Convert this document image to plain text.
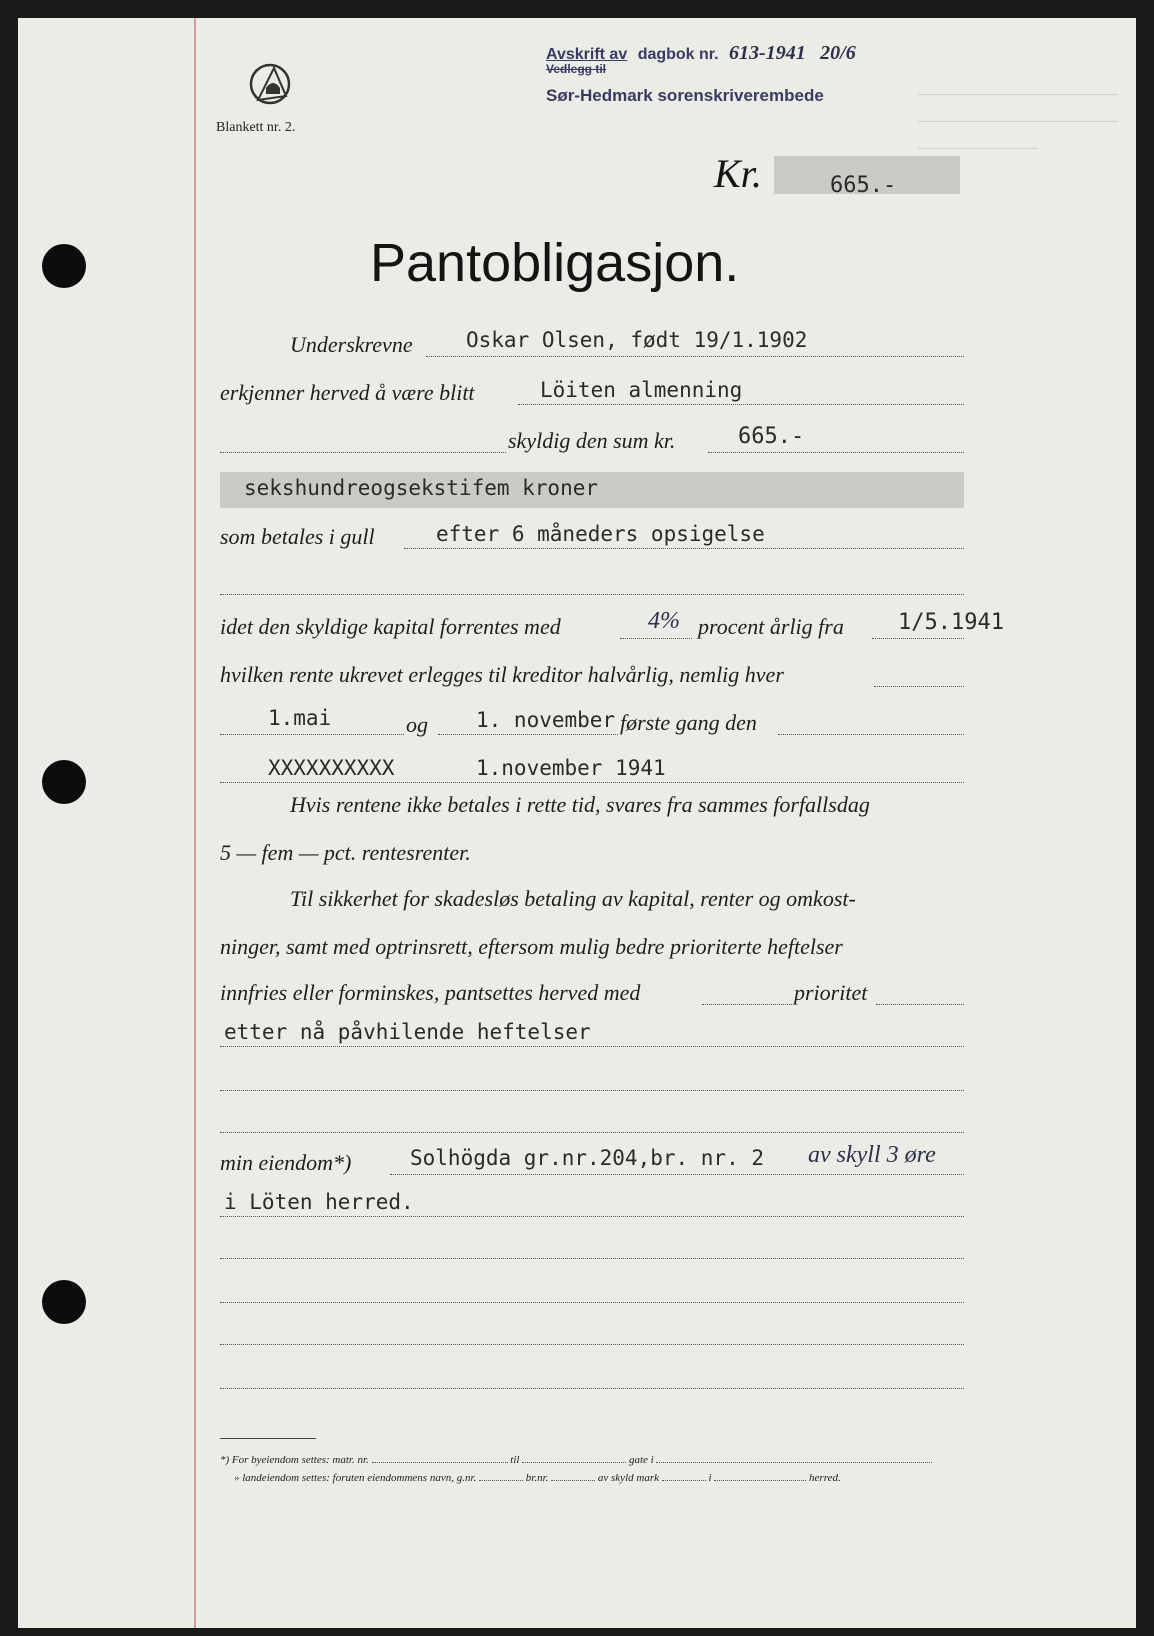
Avskrift av dagbok nr. 613-1941 20/6
Vedlegg til
Sør-Hedmark sorenskriverembede
Blankett nr. 2.
Kr.	665.-
Pantobligasjon.
Underskrevne	Oskar Olsen, født 19/1.1902
erkjenner herved å være blitt	Löiten almenning
skyldig den sum kr.	665.-
sekshundreogsekstifem kroner
som betales i gull	efter 6 måneders opsigelse
idet den skyldige kapital forrentes med	4% procent årlig fra 1/5.1941
hvilken rente ukrevet erlegges til kreditor halvårlig, nemlig hver
1.mai	og 1. november første gang den
XXXXXXXXXX	1.november 1941
Hvis rentene ikke betales i rette tid, svares fra sammes forfallsdag
5 — fem — pct. rentesrenter.
Til sikkerhet for skadesløs betaling av kapital, renter og omkost-
ninger, samt med optrinsrett, eftersom mulig bedre prioriterte heftelser
innfries eller forminskes, pantsettes herved med	prioritet
etter nå påvhilende heftelser
min eiendom*)	Solhögda gr.nr.204,br. nr. 2 av skyll 3 øre
i Löten herred.
*) For byeiendom settes: matr. nr.	til	gate i
» landeiendom settes: foruten eiendommens navn, g.nr.	br.nr.	av skyld mark	i	herred.
